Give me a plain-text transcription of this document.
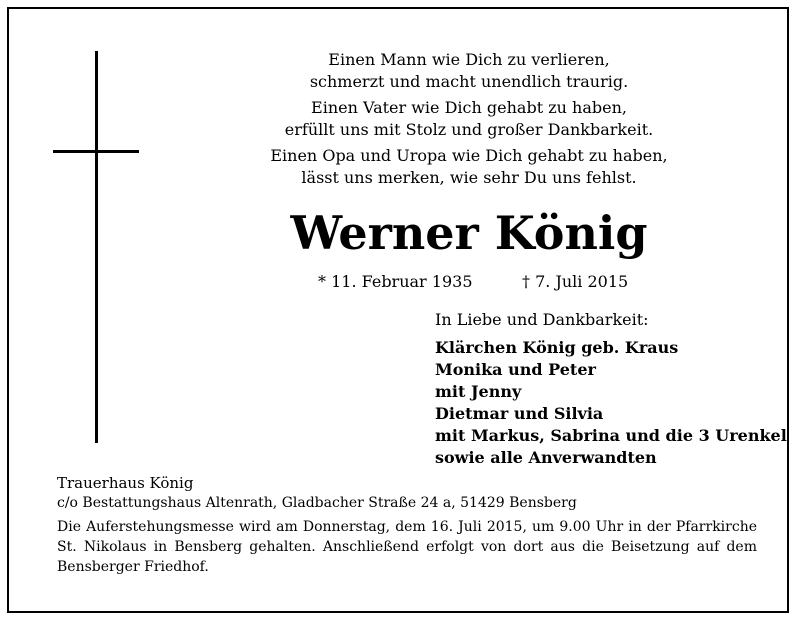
Einen Mann wie Dich zu verlieren,
schmerzt und macht unendlich traurig.
Einen Vater wie Dich gehabt zu haben,
erfüllt uns mit Stolz und großer Dankbarkeit.
Einen Opa und Uropa wie Dich gehabt zu haben,
lässt uns merken, wie sehr Du uns fehlst.
Werner König
* 11. Februar 1935	† 7. Juli 2015
In Liebe und Dankbarkeit:
Klärchen König geb. Kraus
Monika und Peter
mit Jenny
Dietmar und Silvia
mit Markus, Sabrina und die 3 Urenkel
sowie alle Anverwandten
Trauerhaus König
c/o Bestattungshaus Altenrath, Gladbacher Straße 24 a, 51429 Bensberg
Die Auferstehungsmesse wird am Donnerstag, dem 16. Juli 2015, um 9.00 Uhr in der Pfarrkirche St. Nikolaus in Bensberg gehalten. Anschließend erfolgt von dort aus die Beisetzung auf dem Bensberger Friedhof.
